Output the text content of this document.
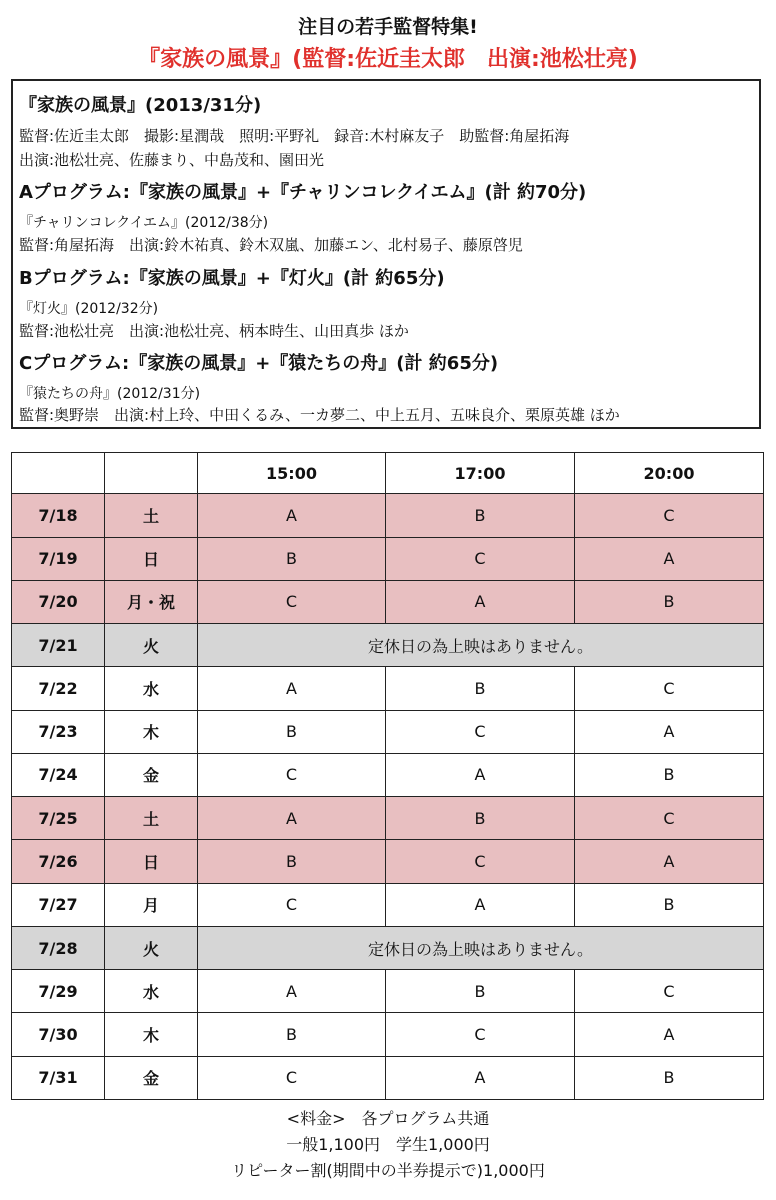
注目の若手監督特集!
『家族の風景』(監督:佐近圭太郎　出演:池松壮亮)
『家族の風景』(2013/31分)
監督:佐近圭太郎　撮影:星潤哉　照明:平野礼　録音:木村麻友子　助監督:角屋拓海
出演:池松壮亮、佐藤まり、中島茂和、園田光
Aプログラム:『家族の風景』+『チャリンコレクイエム』(計 約70分)
『チャリンコレクイエム』(2012/38分)
監督:角屋拓海　出演:鈴木祐真、鈴木双嵐、加藤エン、北村易子、藤原啓児
Bプログラム:『家族の風景』+『灯火』(計 約65分)
『灯火』(2012/32分)
監督:池松壮亮　出演:池松壮亮、柄本時生、山田真歩 ほか
Cプログラム:『家族の風景』+『猿たちの舟』(計 約65分)
『猿たちの舟』(2012/31分)
監督:奥野崇　出演:村上玲、中田くるみ、一カ夢二、中上五月、五味良介、栗原英雄 ほか
		15:00	17:00	20:00
7/18	土	A	B	C
7/19	日	B	C	A
7/20	月・祝	C	A	B
7/21	火	定休日の為上映はありません。		
7/22	水	A	B	C
7/23	木	B	C	A
7/24	金	C	A	B
7/25	土	A	B	C
7/26	日	B	C	A
7/27	月	C	A	B
7/28	火	定休日の為上映はありません。		
7/29	水	A	B	C
7/30	木	B	C	A
7/31	金	C	A	B
<料金>　各プログラム共通
一般1,100円　学生1,000円
リピーター割(期間中の半券提示で)1,000円
